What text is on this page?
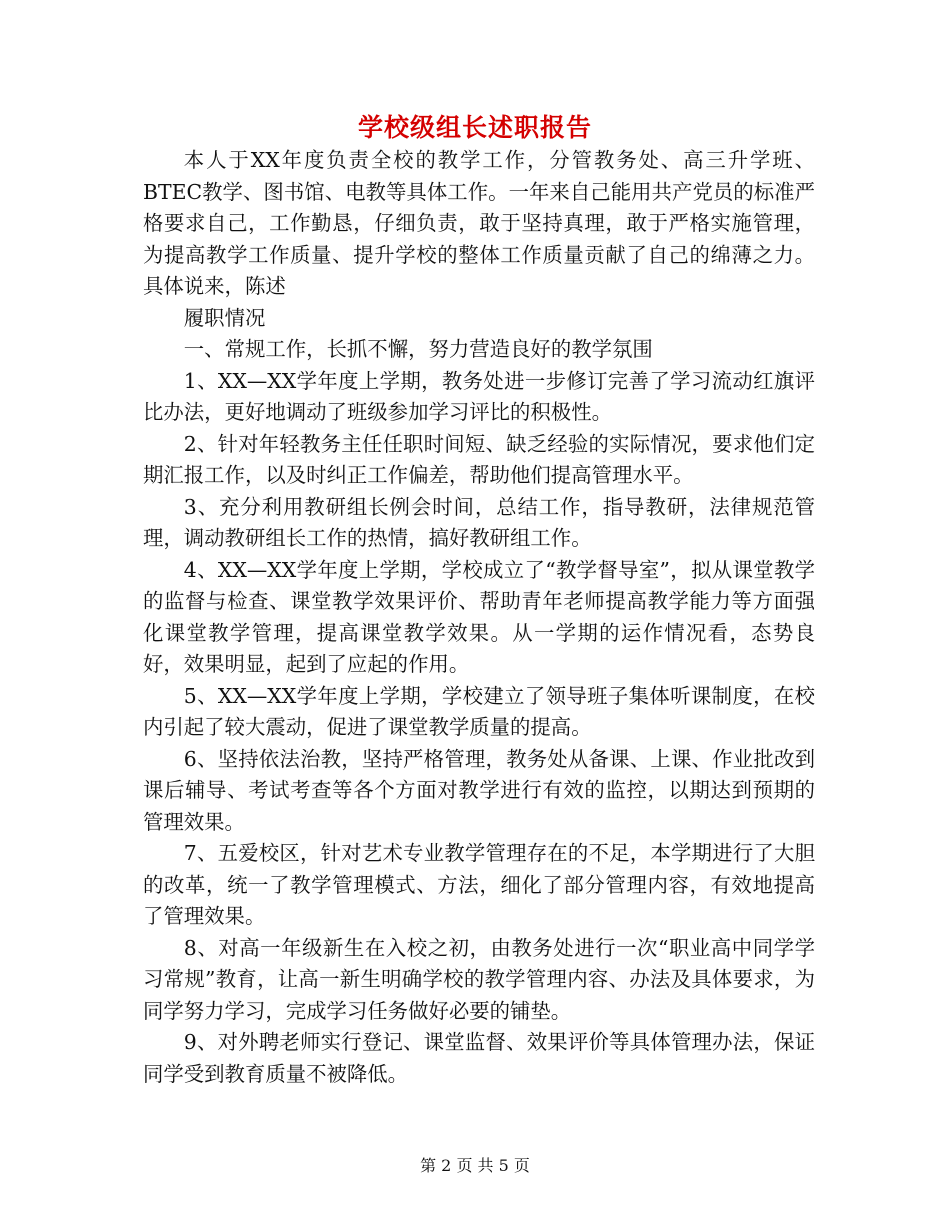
学校级组长述职报告

本人于XX年度负责全校的教学工作，分管教务处、高三升学班、BTEC教学、图书馆、电教等具体工作。一年来自己能用共产党员的标准严格要求自己，工作勤恳，仔细负责，敢于坚持真理，敢于严格实施管理，为提高教学工作质量、提升学校的整体工作质量贡献了自己的绵薄之力。具体说来，陈述

履职情况

一、常规工作，长抓不懈，努力营造良好的教学氛围

1、XX—XX学年度上学期，教务处进一步修订完善了学习流动红旗评比办法，更好地调动了班级参加学习评比的积极性。

2、针对年轻教务主任任职时间短、缺乏经验的实际情况，要求他们定期汇报工作，以及时纠正工作偏差，帮助他们提高管理水平。

3、充分利用教研组长例会时间，总结工作，指导教研，法律规范管理，调动教研组长工作的热情，搞好教研组工作。

4、XX—XX学年度上学期，学校成立了“教学督导室”，拟从课堂教学的监督与检查、课堂教学效果评价、帮助青年老师提高教学能力等方面强化课堂教学管理，提高课堂教学效果。从一学期的运作情况看，态势良好，效果明显，起到了应起的作用。

5、XX—XX学年度上学期，学校建立了领导班子集体听课制度，在校内引起了较大震动，促进了课堂教学质量的提高。

6、坚持依法治教，坚持严格管理，教务处从备课、上课、作业批改到课后辅导、考试考查等各个方面对教学进行有效的监控，以期达到预期的管理效果。

7、五爱校区，针对艺术专业教学管理存在的不足，本学期进行了大胆的改革，统一了教学管理模式、方法，细化了部分管理内容，有效地提高了管理效果。

8、对高一年级新生在入校之初，由教务处进行一次“职业高中同学学习常规”教育，让高一新生明确学校的教学管理内容、办法及具体要求，为同学努力学习，完成学习任务做好必要的铺垫。

9、对外聘老师实行登记、课堂监督、效果评价等具体管理办法，保证同学受到教育质量不被降低。

第 2 页 共 5 页
